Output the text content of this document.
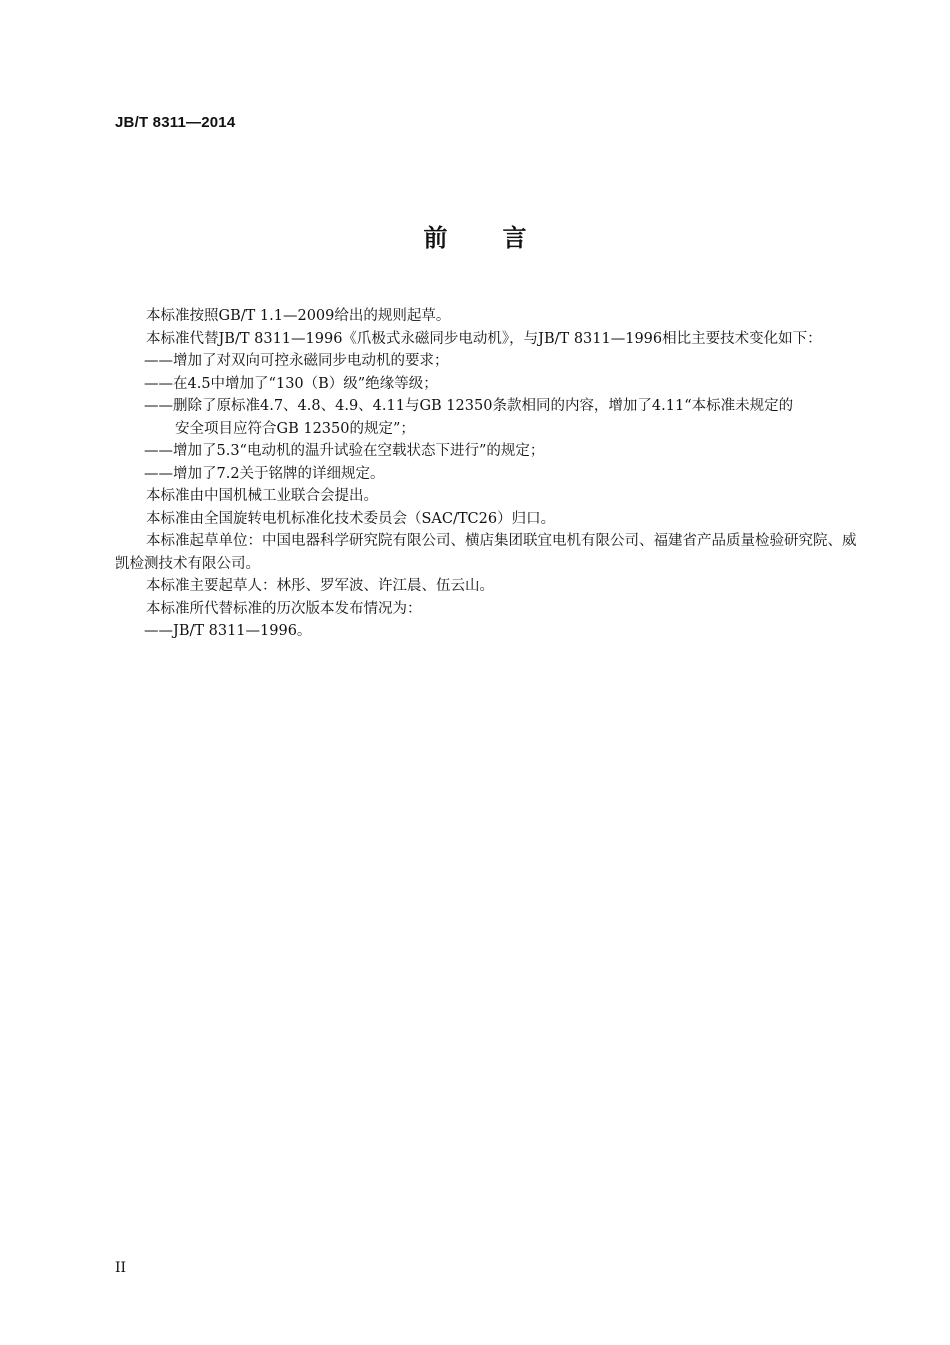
JB/T 8311—2014
前言

本标准按照GB/T 1.1—2009给出的规则起草。

本标准代替JB/T 8311—1996《爪极式永磁同步电动机》，与JB/T 8311—1996相比主要技术变化如下：

——增加了对双向可控永磁同步电动机的要求；

——在4.5中增加了“130（B）级”绝缘等级；

——删除了原标准4.7、4.8、4.9、4.11与GB 12350条款相同的内容，增加了4.11“本标准未规定的
安全项目应符合GB 12350的规定”；

——增加了5.3“电动机的温升试验在空载状态下进行”的规定；

——增加了7.2关于铭牌的详细规定。

本标准由中国机械工业联合会提出。

本标准由全国旋转电机标准化技术委员会（SAC/TC26）归口。

本标准起草单位：中国电器科学研究院有限公司、横店集团联宜电机有限公司、福建省产品质量检验研究院、威凯检测技术有限公司。

本标准主要起草人：林彤、罗军波、许江晨、伍云山。

本标准所代替标准的历次版本发布情况为：

——JB/T 8311—1996。

II
